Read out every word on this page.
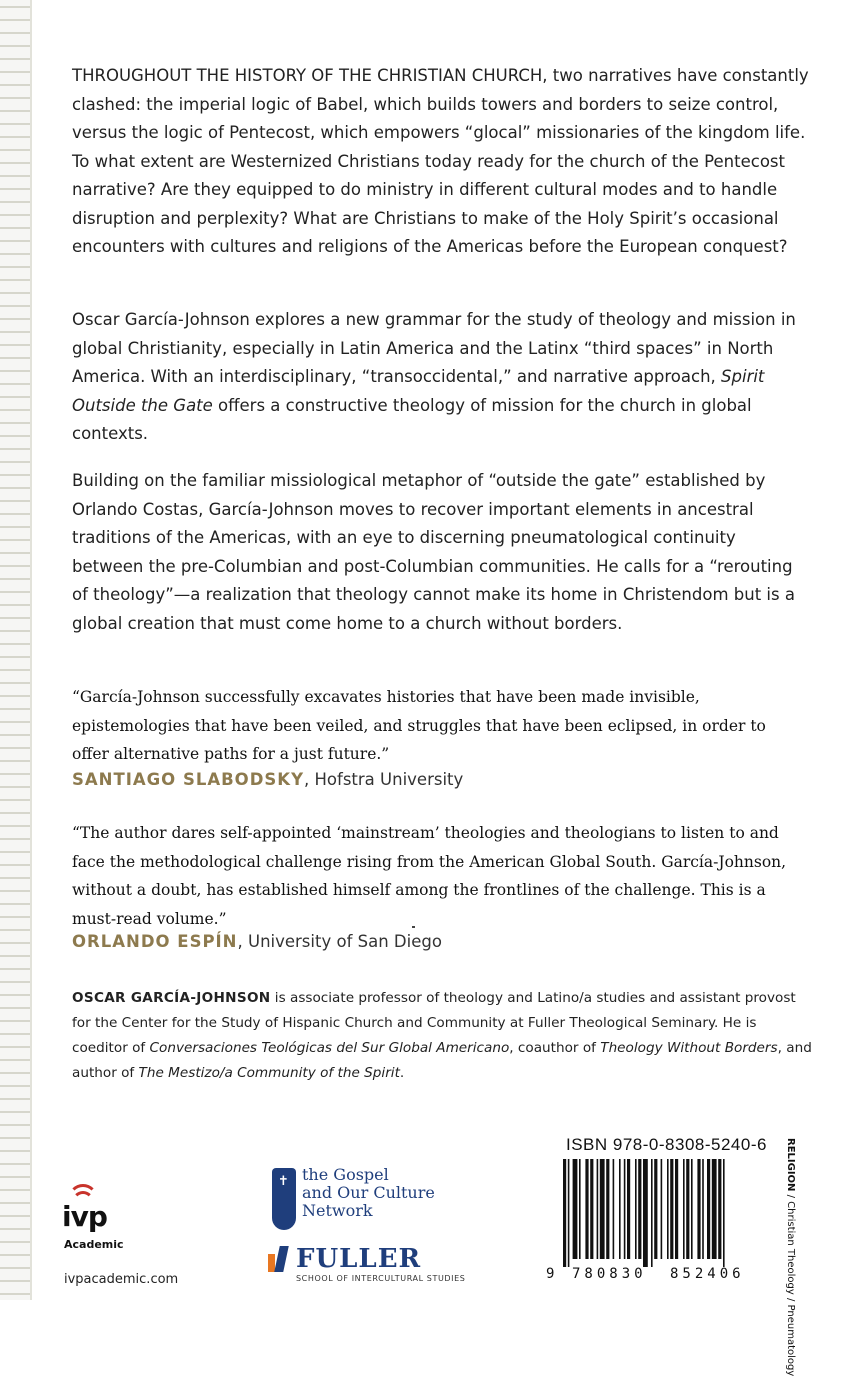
THROUGHOUT THE HISTORY OF THE CHRISTIAN CHURCH, two narratives have constantly clashed: the imperial logic of Babel, which builds towers and borders to seize control, versus the logic of Pentecost, which empowers “glocal” missionaries of the kingdom life. To what extent are Westernized Christians today ready for the church of the Pentecost narrative? Are they equipped to do ministry in different cultural modes and to handle disruption and perplexity? What are Christians to make of the Holy Spirit’s occasional encounters with cultures and religions of the Americas before the European conquest?

Oscar García-Johnson explores a new grammar for the study of theology and mission in global Christianity, especially in Latin America and the Latinx “third spaces” in North America. With an interdisciplinary, “transoccidental,” and narrative approach, Spirit Outside the Gate offers a constructive theology of mission for the church in global contexts.

Building on the familiar missiological metaphor of “outside the gate” established by Orlando Costas, García-Johnson moves to recover important elements in ancestral traditions of the Americas, with an eye to discerning pneumatological continuity between the pre-Columbian and post-Columbian communities. He calls for a “rerouting of theology”—a realization that theology cannot make its home in Christendom but is a global creation that must come home to a church without borders.

“García-Johnson successfully excavates histories that have been made invisible, epistemologies that have been veiled, and struggles that have been eclipsed, in order to offer alternative paths for a just future.”

SANTIAGO SLABODSKY, Hofstra University

“The author dares self-appointed ‘mainstream’ theologies and theologians to listen to and face the methodological challenge rising from the American Global South. García-Johnson, without a doubt, has established himself among the frontlines of the challenge. This is a must-read volume.”

ORLANDO ESPÍN, University of San Diego

OSCAR GARCÍA-JOHNSON is associate professor of theology and Latino/a studies and assistant provost for the Center for the Study of Hispanic Church and Community at Fuller Theological Seminary. He is coeditor of Conversaciones Teológicas del Sur Global Americano, coauthor of Theology Without Borders, and author of The Mestizo/a Community of the Spirit.

ivp
Academic
ivpacademic.com
✝

the Gospel
and Our Culture
Network

FULLER
SCHOOL OF INTERCULTURAL STUDIES
ISBN 978-0-8308-5240-6
9 780830 852406
RELIGION / Christian Theology / Pneumatology
